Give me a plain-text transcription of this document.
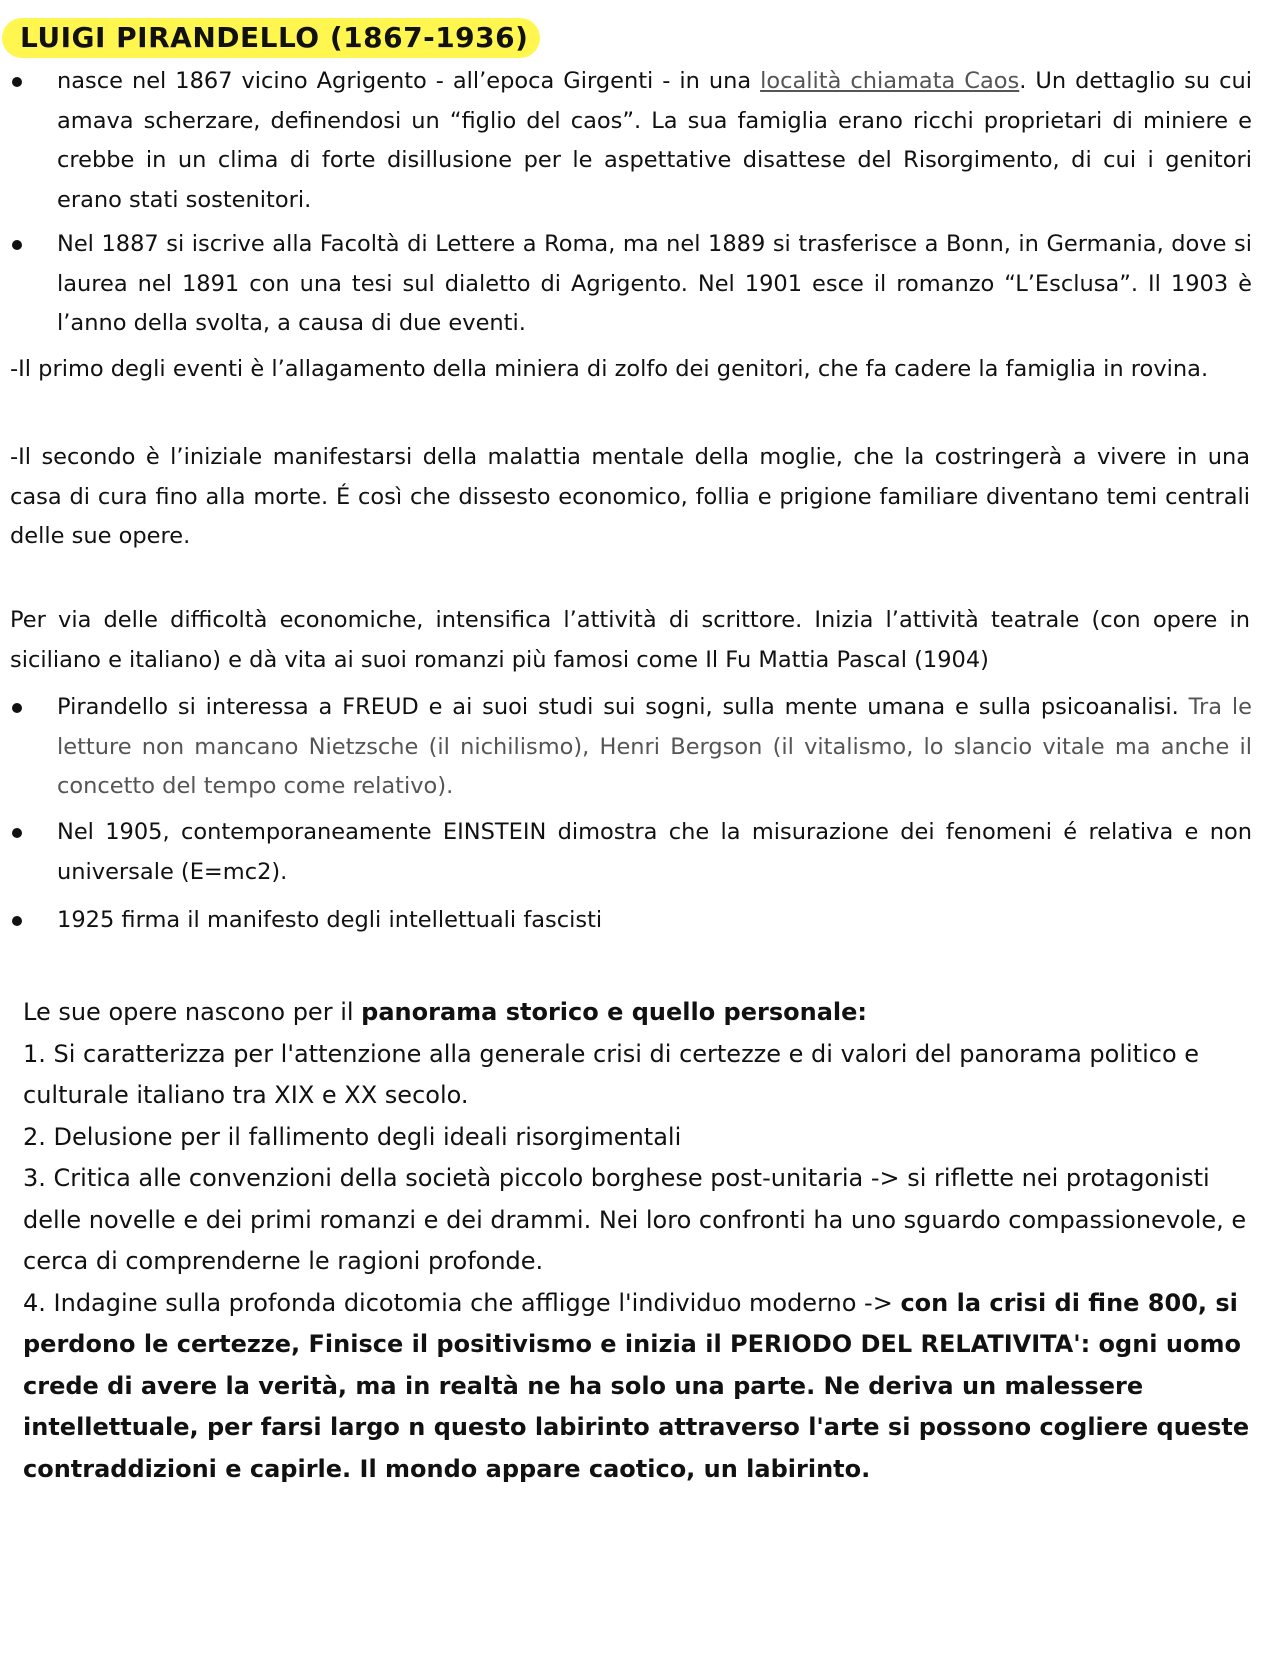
LUIGI PIRANDELLO (1867-1936)
nasce nel 1867 vicino Agrigento - all’epoca Girgenti - in una località chiamata Caos. Un dettaglio su cui amava scherzare, definendosi un “figlio del caos”. La sua famiglia erano ricchi proprietari di miniere e crebbe in un clima di forte disillusione per le aspettative disattese del Risorgimento, di cui i genitori erano stati sostenitori.
Nel 1887 si iscrive alla Facoltà di Lettere a Roma, ma nel 1889 si trasferisce a Bonn, in Germania, dove si laurea nel 1891 con una tesi sul dialetto di Agrigento. Nel 1901 esce il romanzo “L’Esclusa”. Il 1903 è l’anno della svolta, a causa di due eventi.
-Il primo degli eventi è l’allagamento della miniera di zolfo dei genitori, che fa cadere la famiglia in rovina.
-Il secondo è l’iniziale manifestarsi della malattia mentale della moglie, che la costringerà a vivere in una casa di cura fino alla morte. É così che dissesto economico, follia e prigione familiare diventano temi centrali delle sue opere.
Per via delle difficoltà economiche, intensifica l’attività di scrittore. Inizia l’attività teatrale (con opere in siciliano e italiano) e dà vita ai suoi romanzi più famosi come Il Fu Mattia Pascal (1904)
Pirandello si interessa a FREUD e ai suoi studi sui sogni, sulla mente umana e sulla psicoanalisi. Tra le letture non mancano Nietzsche (il nichilismo), Henri Bergson (il vitalismo, lo slancio vitale ma anche il concetto del tempo come relativo).
Nel 1905, contemporaneamente EINSTEIN dimostra che la misurazione dei fenomeni é relativa e non universale (E=mc2).
1925 firma il manifesto degli intellettuali fascisti
Le sue opere nascono per il panorama storico e quello personale:
1. Si caratterizza per l'attenzione alla generale crisi di certezze e di valori del panorama politico e culturale italiano tra XIX e XX secolo.
2. Delusione per il fallimento degli ideali risorgimentali
3. Critica alle convenzioni della società piccolo borghese post-unitaria -> si riflette nei protagonisti delle novelle e dei primi romanzi e dei drammi. Nei loro confronti ha uno sguardo compassionevole, e cerca di comprenderne le ragioni profonde.
4. Indagine sulla profonda dicotomia che affligge l'individuo moderno -> con la crisi di fine 800, si perdono le certezze, Finisce il positivismo e inizia il PERIODO DEL RELATIVITA': ogni uomo crede di avere la verità, ma in realtà ne ha solo una parte. Ne deriva un malessere intellettuale, per farsi largo n questo labirinto attraverso l'arte si possono cogliere queste contraddizioni e capirle. Il mondo appare caotico, un labirinto.
